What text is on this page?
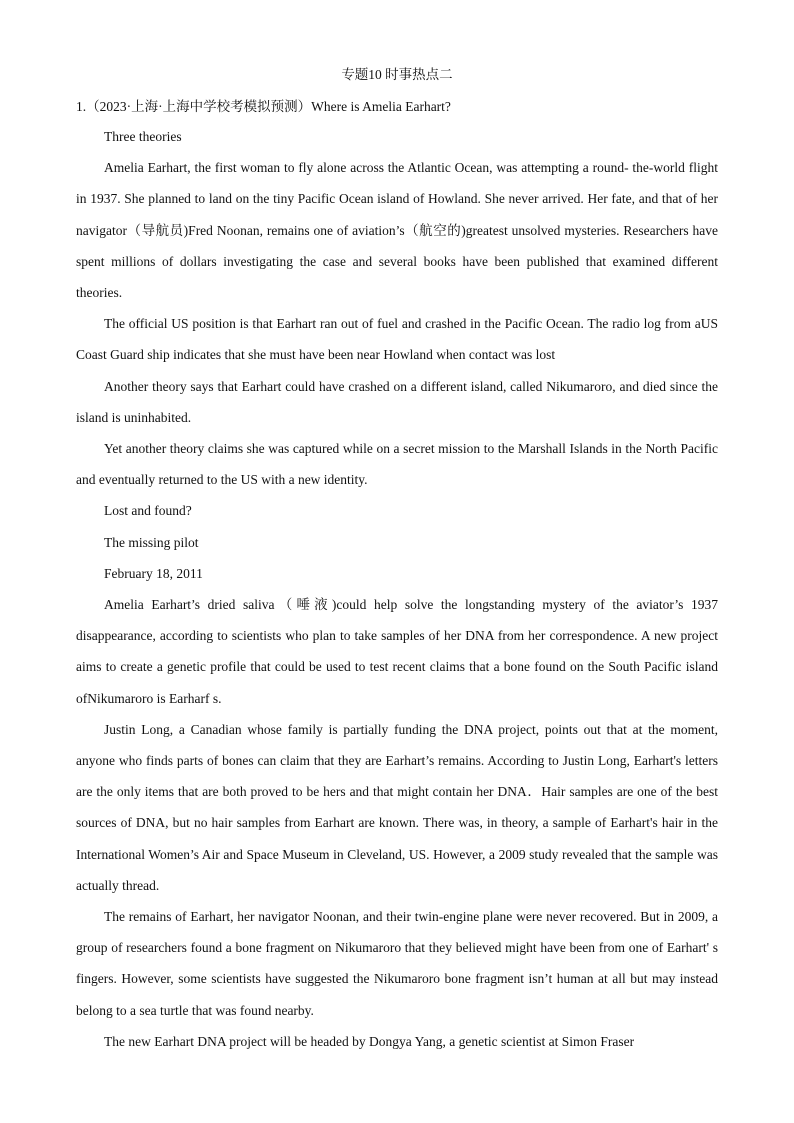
专题10 时事热点二
1.（2023·上海·上海中学校考模拟预测）Where is Amelia Earhart?

Three theories

Amelia Earhart, the first woman to fly alone across the Atlantic Ocean, was attempting a round- the-world flight in 1937. She planned to land on the tiny Pacific Ocean island of Howland. She never arrived. Her fate, and that of her navigator（导航员)Fred Noonan, remains one of aviation’s（航空的)greatest unsolved mysteries. Researchers have spent millions of dollars investigating the case and several books have been published that examined different theories.

The official US position is that Earhart ran out of fuel and crashed in the Pacific Ocean. The radio log from aUS Coast Guard ship indicates that she must have been near Howland when contact was lost

Another theory says that Earhart could have crashed on a different island, called Nikumaroro, and died since the island is uninhabited.

Yet another theory claims she was captured while on a secret mission to the Marshall Islands in the North Pacific and eventually returned to the US with a new identity.

Lost and found?

The missing pilot

February 18, 2011

Amelia Earhart’s dried saliva（唾液)could help solve the longstanding mystery of the aviator’s 1937 disappearance, according to scientists who plan to take samples of her DNA from her correspondence. A new project aims to create a genetic profile that could be used to test recent claims that a bone found on the South Pacific island ofNikumaroro is Earharf s.

Justin Long, a Canadian whose family is partially funding the DNA project, points out that at the moment, anyone who finds parts of bones can claim that they are Earhart’s remains. According to Justin Long, Earhart's letters are the only items that are both proved to be hers and that might contain her DNA．Hair samples are one of the best sources of DNA, but no hair samples from Earhart are known. There was, in theory, a sample of Earhart's hair in the International Women’s Air and Space Museum in Cleveland, US. However, a 2009 study revealed that the sample was actually thread.

The remains of Earhart, her navigator Noonan, and their twin-engine plane were never recovered. But in 2009, a group of researchers found a bone fragment on Nikumaroro that they believed might have been from one of Earhart' s fingers. However, some scientists have suggested the Nikumaroro bone fragment isn’t human at all but may instead belong to a sea turtle that was found nearby.

The new Earhart DNA project will be headed by Dongya Yang, a genetic scientist at Simon Fraser
